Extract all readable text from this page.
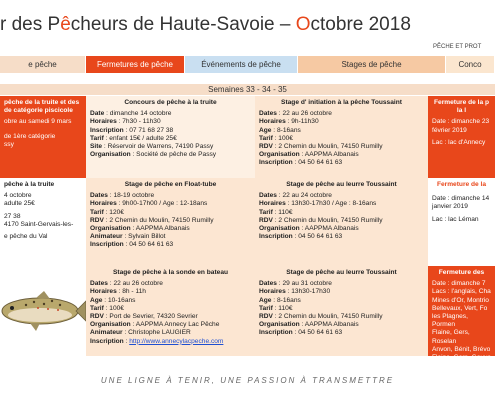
r des Pêcheurs de Haute-Savoie – Octobre 2018
PÊCHE ET PROT
e pêche	Fermetures de pêche	Événements de pêche	Stages de pêche	Conco
Semaines 33 - 34 - 35
pêche de la truite et des
de catégorie piscicole
obre au samedi 9 mars
de 1ère catégorie
ssy
pêche à la truite
4 octobre
adulte 25€
27 38
4170 Saint-Gervais-les-
e pêche du Val
Concours de pêche à la truite
Date : dimanche 14 octobre
Horaires : 7h30 - 11h30
Inscription : 07 71 68 27 38
Tarif : enfant 15€ / adulte 25€
Site : Réservoir de Warrens, 74190 Passy
Organisation : Société de pêche de Passy
Stage de pêche en Float-tube
Dates : 18-19 octobre
Horaires : 9h00-17h00 / Age : 12-18ans
Tarif : 120€
RDV : 2 Chemin du Moulin, 74150 Rumilly
Organisation : AAPPMA Albanais
Animateur : Sylvain Billot
Inscription : 04 50 64 61 63
Stage de pêche à la sonde en bateau
Dates : 22 au 26 octobre
Horaires : 8h - 11h
Age : 10-16ans
Tarif : 100€
RDV : Port de Sevrier, 74320 Sevrier
Organisation : AAPPMA Annecy Lac Pêche
Animateur : Christophe LAUGIER
Inscription : http://www.annecylacpeche.com
Stage d' initiation à la pêche Toussaint
Dates : 22 au 26 octobre
Horaires : 9h-11h30
Age : 8-16ans
Tarif : 100€
RDV : 2 Chemin du Moulin, 74150 Rumilly
Organisation : AAPPMA Albanais
Inscription : 04 50 64 61 63
Stage de pêche au leurre Toussaint
Dates : 22 au 24 octobre
Horaires : 13h30-17h30 / Age : 8-16ans
Tarif : 110€
RDV : 2 Chemin du Moulin, 74150 Rumilly
Organisation : AAPPMA Albanais
Inscription : 04 50 64 61 63
Stage de pêche au leurre Toussaint
Dates : 29 au 31 octobre
Horaires : 13h30-17h30
Age : 8-16ans
Tarif : 110€
RDV : 2 Chemin du Moulin, 74150 Rumilly
Organisation : AAPPMA Albanais
Inscription : 04 50 64 61 63
Fermeture de la p
la l
Date : dimanche 23
février 2019
Lac : lac d'Annecy
Fermeture de la
Date : dimanche 14
janvier 2019
Lac : lac Léman
Fermeture des
Date : dimanche 7
Lacs : l'anglais, Cha
Mines d'Or, Montrio
Bellevaux, Vert, Fo
les Plagnes, Pormen
Flaine, Gers, Roselan
Anvon, Bénit, Brévo
Flaine, Gers, Gouve
déversoir, Lessy, Po
Tavaneuse, Vemant
UNE LIGNE À TENIR, UNE PASSION À TRANSMETTRE
